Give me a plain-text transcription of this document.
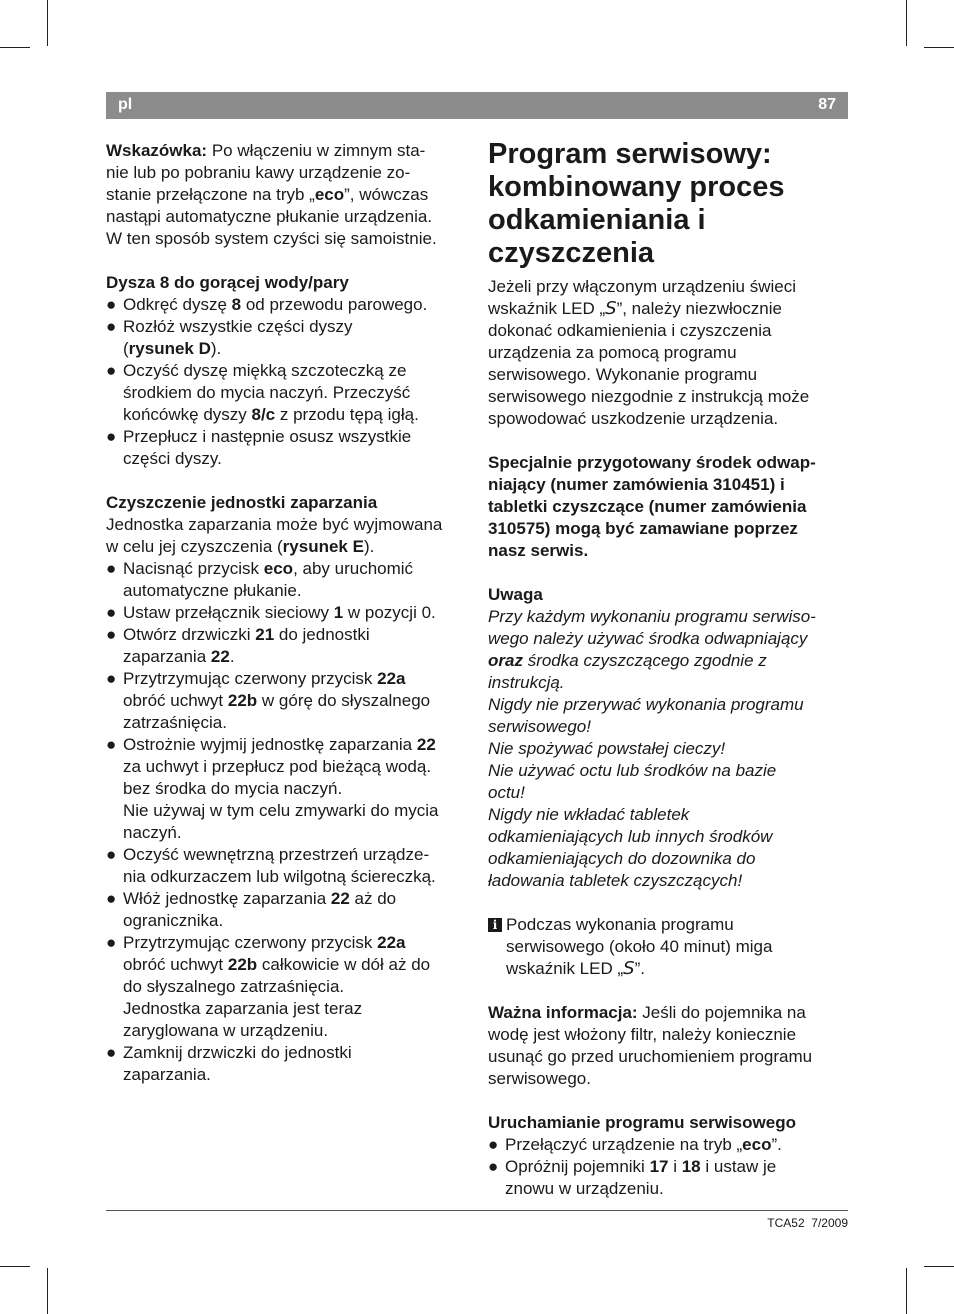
pl	87
Wskazówka: Po włączeniu w zimnym sta-
nie lub po pobraniu kawy urządzenie zo-
stanie przełączone na tryb „eco”, wówczas
nastąpi automatyczne płukanie urządzenia.
W ten sposób system czyści się samoistnie.
Dysza 8 do gorącej wody/pary
● Odkręć dyszę 8 od przewodu parowego.
● Rozłóż wszystkie części dyszy
(rysunek D).
● Oczyść dyszę miękką szczoteczką ze
środkiem do mycia naczyń. Przeczyść
końcówkę dyszy 8/c z przodu tępą igłą.
● Przepłucz i następnie osusz wszystkie
części dyszy.
Czyszczenie jednostki zaparzania
Jednostka zaparzania może być wyjmowana
w celu jej czyszczenia (rysunek E).
● Nacisnąć przycisk eco, aby uruchomić
automatyczne płukanie.
● Ustaw przełącznik sieciowy 1 w pozycji 0.
● Otwórz drzwiczki 21 do jednostki
zaparzania 22.
● Przytrzymując czerwony przycisk 22a
obróć uchwyt 22b w górę do słyszalnego
zatrzaśnięcia.
● Ostrożnie wyjmij jednostkę zaparzania 22
za uchwyt i przepłucz pod bieżącą wodą.
bez środka do mycia naczyń.
Nie używaj w tym celu zmywarki do mycia
naczyń.
● Oczyść wewnętrzną przestrzeń urządze-
nia odkurzaczem lub wilgotną ściereczką.
● Włóż jednostkę zaparzania 22 aż do
ogranicznika.
● Przytrzymując czerwony przycisk 22a
obróć uchwyt 22b całkowicie w dół aż do
do słyszalnego zatrzaśnięcia.
Jednostka zaparzania jest teraz
zaryglowana w urządzeniu.
● Zamknij drzwiczki do jednostki
zaparzania.
Program serwisowy:
kombinowany proces
odkamieniania i
czyszczenia
Jeżeli przy włączonym urządzeniu świeci
wskaźnik LED „S”, należy niezwłocznie
dokonać odkamienienia i czyszczenia
urządzenia za pomocą programu
serwisowego. Wykonanie programu
serwisowego niezgodnie z instrukcją może
spowodować uszkodzenie urządzenia.
Specjalnie przygotowany środek odwap-
niający (numer zamówienia 310451) i
tabletki czyszczące (numer zamówienia
310575) mogą być zamawiane poprzez
nasz serwis.
Uwaga
Przy każdym wykonaniu programu serwiso-
wego należy używać środka odwapniający
oraz środka czyszczącego zgodnie z
instrukcją.
Nigdy nie przerywać wykonania programu
serwisowego!
Nie spożywać powstałej cieczy!
Nie używać octu lub środków na bazie
octu!
Nigdy nie wkładać tabletek
odkamieniających lub innych środków
odkamieniających do dozownika do
ładowania tabletek czyszczących!
i Podczas wykonania programu
serwisowego (około 40 minut) miga
wskaźnik LED „S”.
Ważna informacja: Jeśli do pojemnika na
wodę jest włożony filtr, należy koniecznie
usunąć go przed uruchomieniem programu
serwisowego.
Uruchamianie programu serwisowego
● Przełączyć urządzenie na tryb „eco”.
● Opróżnij pojemniki 17 i 18 i ustaw je
znowu w urządzeniu.
TCA52 7/2009
